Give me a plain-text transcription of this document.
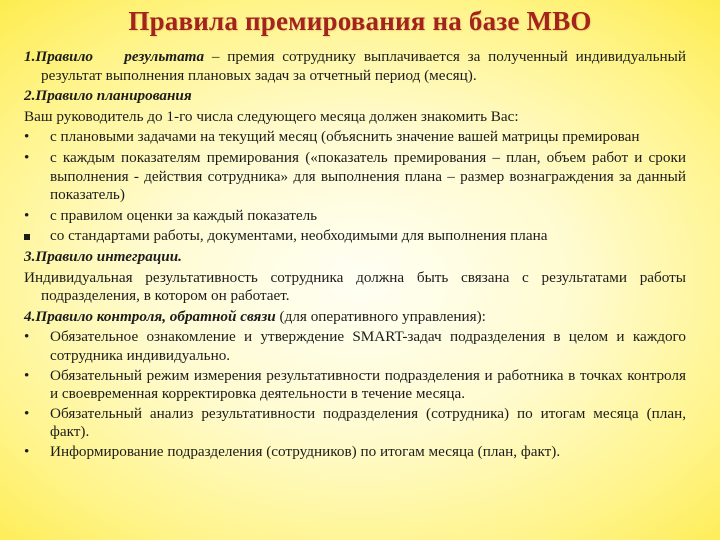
Правила премирования на базе MBO
1.Правило результата – премия сотруднику выплачивается за полученный индивидуальный результат выполнения плановых задач за отчетный период (месяц).
2.Правило планирования
Ваш руководитель до 1-го числа следующего месяца должен знакомить Вас:
•	с плановыми задачами на текущий месяц (объяснить значение вашей матрицы премирован
•	с каждым показателям премирования («показатель премирования – план, объем работ и сроки выполнения - действия сотрудника» для выполнения плана – размер вознаграждения за данный показатель)
•	с правилом оценки за каждый показатель
со стандартами работы, документами, необходимыми для выполнения плана
3.Правило интеграции.
Индивидуальная результативность сотрудника должна быть связана с результатами работы подразделения, в котором он работает.
4.Правило контроля, обратной связи (для оперативного управления):
•	Обязательное ознакомление и утверждение SMART-задач подразделения в целом и каждого сотрудника индивидуально.
•	Обязательный режим измерения результативности подразделения и работника в точках контроля и своевременная корректировка деятельности в течение месяца.
•	Обязательный анализ результативности подразделения (сотрудника) по итогам месяца (план, факт).
•	Информирование подразделения (сотрудников) по итогам месяца (план, факт).
